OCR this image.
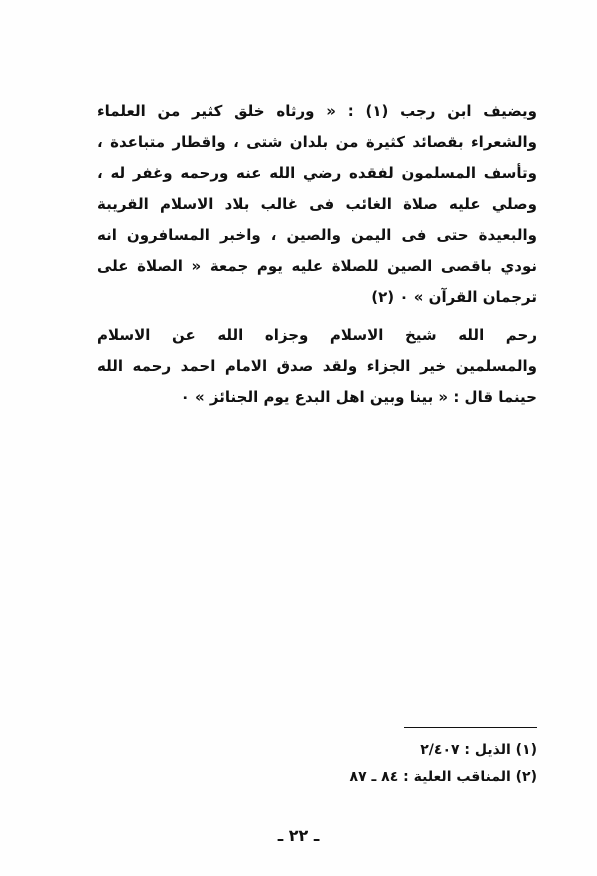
ويضيف ابن رجب (١) : « ورثاه خلق كثير من العلماء
والشعراء بقصائد كثيرة من بلدان شتى ، واقطار متباعدة ،
وتأسف المسلمون لفقده رضي الله عنه ورحمه وغفر له ،
وصلي عليه صلاة الغائب فى غالب بلاد الاسلام القريبة
والبعيدة حتى فى اليمن والصين ، واخبر المسافرون انه
نودي باقصى الصين للصلاة عليه يوم جمعة « الصلاة على
ترجمان القرآن » ٠ (٢)

رحم الله شيخ الاسلام وجزاه الله عن الاسلام
والمسلمين خير الجزاء ولقد صدق الامام احمد رحمه الله
حينما قال : « بينا وبين اهل البدع يوم الجنائز » ٠

(١) الذيل : ٢/٤٠٧
(٢) المناقب العلية : ٨٤ ـ ٨٧
ـ ٢٢ ـ
